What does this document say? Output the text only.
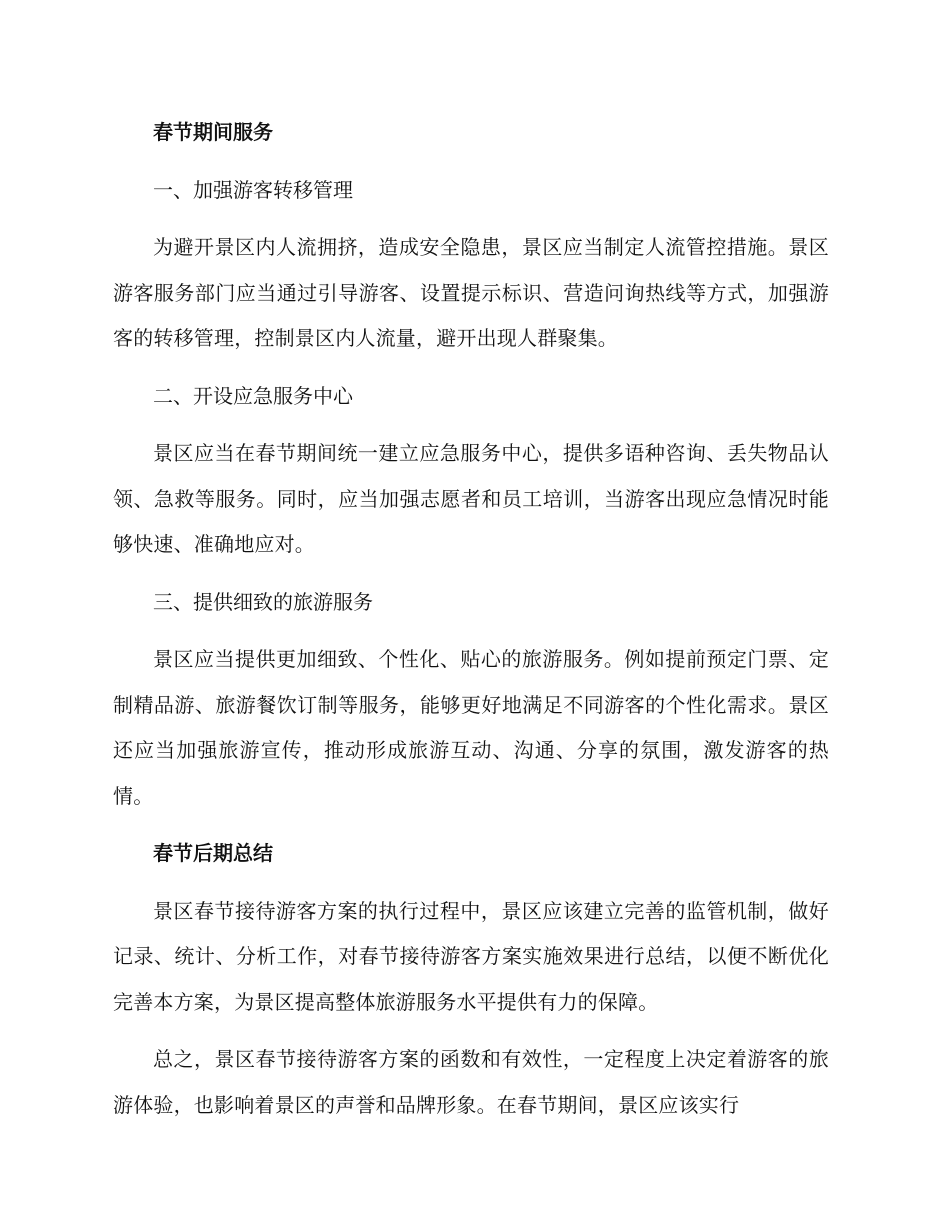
春节期间服务

一、加强游客转移管理

为避开景区内人流拥挤，造成安全隐患，景区应当制定人流管控措施。景区游客服务部门应当通过引导游客、设置提示标识、营造问询热线等方式，加强游客的转移管理，控制景区内人流量，避开出现人群聚集。

二、开设应急服务中心

景区应当在春节期间统一建立应急服务中心，提供多语种咨询、丢失物品认领、急救等服务。同时，应当加强志愿者和员工培训，当游客出现应急情况时能够快速、准确地应对。

三、提供细致的旅游服务

景区应当提供更加细致、个性化、贴心的旅游服务。例如提前预定门票、定制精品游、旅游餐饮订制等服务，能够更好地满足不同游客的个性化需求。景区还应当加强旅游宣传，推动形成旅游互动、沟通、分享的氛围，激发游客的热情。

春节后期总结

景区春节接待游客方案的执行过程中，景区应该建立完善的监管机制，做好记录、统计、分析工作，对春节接待游客方案实施效果进行总结，以便不断优化完善本方案，为景区提高整体旅游服务水平提供有力的保障。

总之，景区春节接待游客方案的函数和有效性，一定程度上决定着游客的旅游体验，也影响着景区的声誉和品牌形象。在春节期间，景区应该实行
